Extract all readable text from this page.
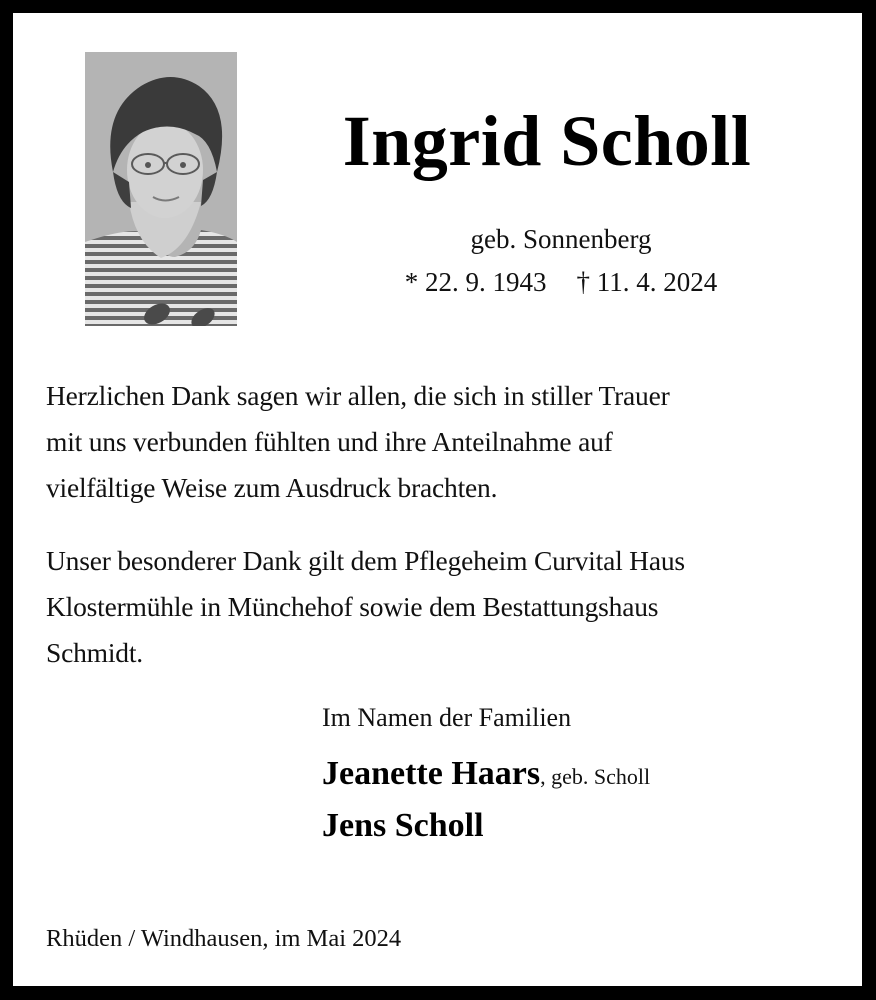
Ingrid Scholl
geb. Sonnenberg
* 22. 9. 1943 † 11. 4. 2024
Herzlichen Dank sagen wir allen, die sich in stiller Trauer
mit uns verbunden fühlten und ihre Anteilnahme auf
vielfältige Weise zum Ausdruck brachten.
Unser besonderer Dank gilt dem Pflegeheim Curvital Haus
Klostermühle in Münchehof sowie dem Bestattungshaus
Schmidt.
Im Namen der Familien
Jeanette Haars, geb. Scholl
Jens Scholl
Rhüden / Windhausen, im Mai 2024
